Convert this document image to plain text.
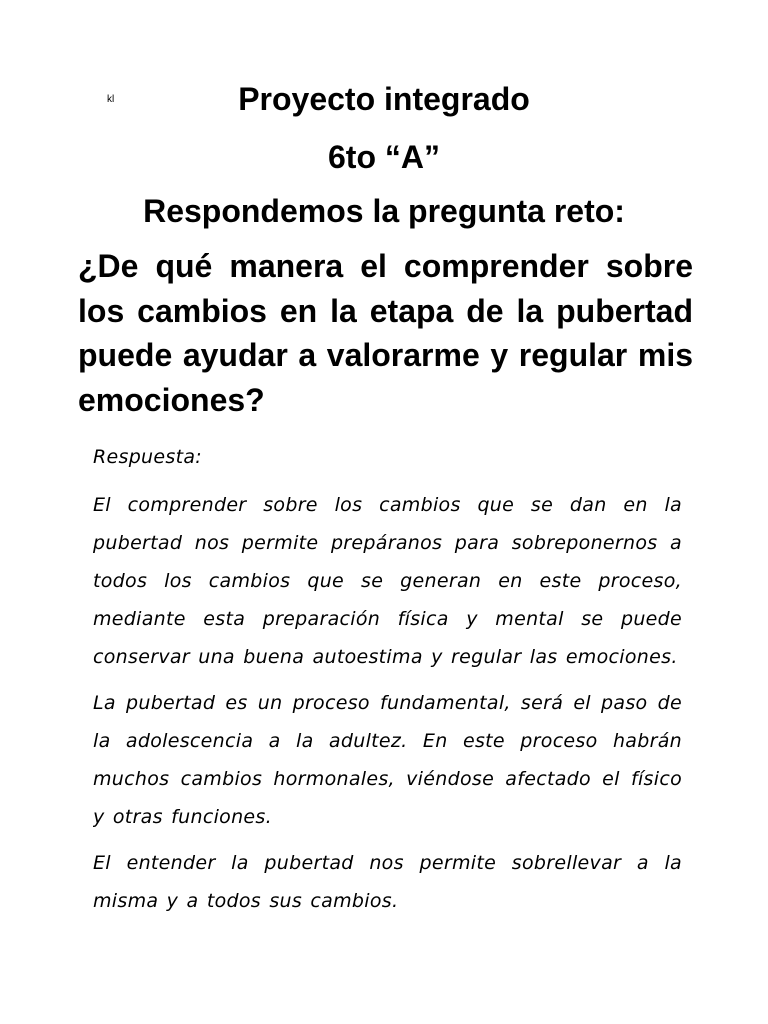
kl	Proyecto integrado
6to “A”
Respondemos la pregunta reto:
¿De qué manera el comprender sobre los cambios en la etapa de la pubertad puede ayudar a valorarme y regular mis emociones?

Respuesta:

El comprender sobre los cambios que se dan en la pubertad nos permite prepáranos para sobreponernos a todos los cambios que se generan en este proceso, mediante esta preparación física y mental se puede conservar una buena autoestima y regular las emociones.

La pubertad es un proceso fundamental, será el paso de la adolescencia a la adultez. En este proceso habrán muchos cambios hormonales, viéndose afectado el físico y otras funciones.

El entender la pubertad nos permite sobrellevar a la misma y a todos sus cambios.
